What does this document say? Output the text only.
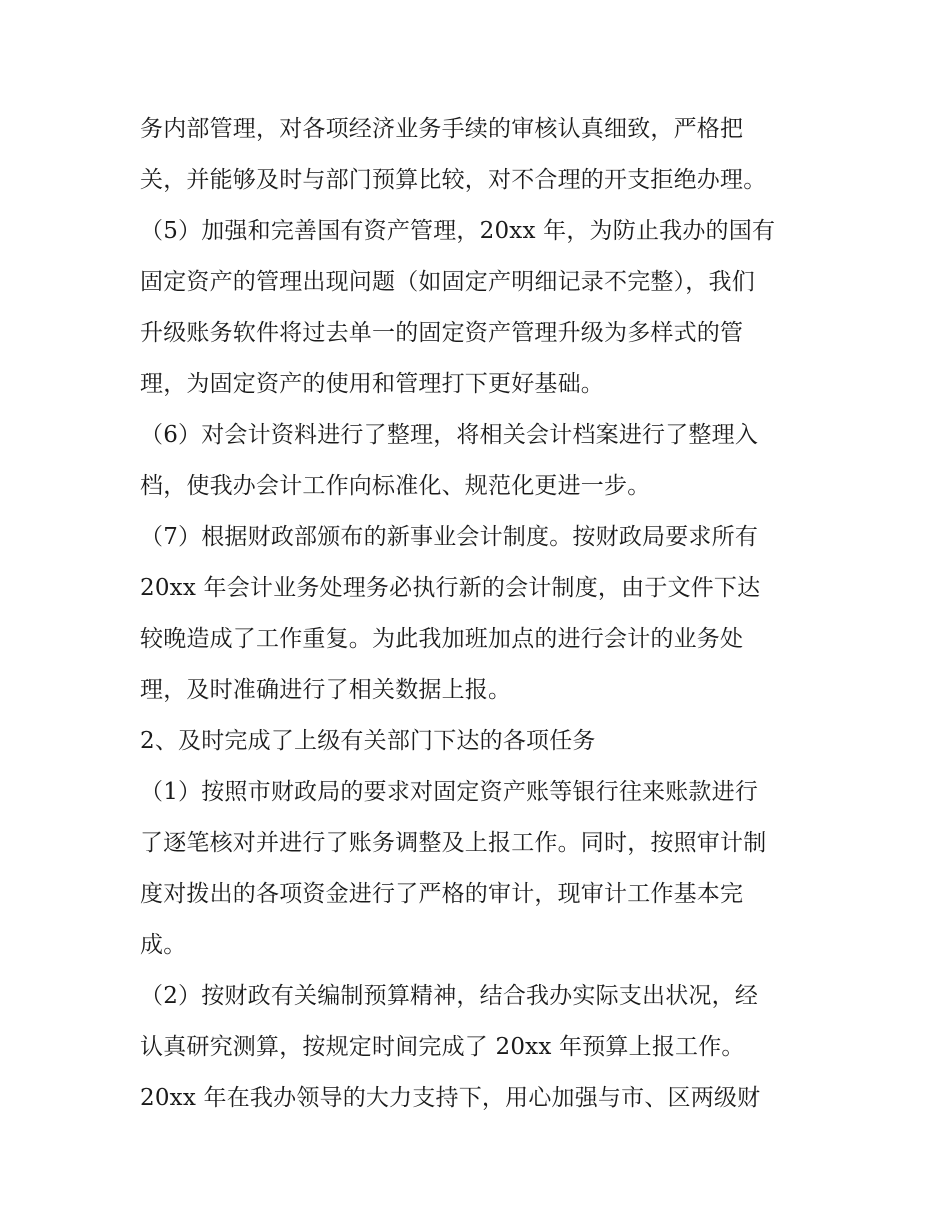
务内部管理，对各项经济业务手续的审核认真细致，严格把
关，并能够及时与部门预算比较，对不合理的开支拒绝办理。
（5）加强和完善国有资产管理，20xx 年，为防止我办的国有
固定资产的管理出现问题（如固定产明细记录不完整），我们
升级账务软件将过去单一的固定资产管理升级为多样式的管
理，为固定资产的使用和管理打下更好基础。
（6）对会计资料进行了整理，将相关会计档案进行了整理入
档，使我办会计工作向标准化、规范化更进一步。
（7）根据财政部颁布的新事业会计制度。按财政局要求所有
20xx 年会计业务处理务必执行新的会计制度，由于文件下达
较晚造成了工作重复。为此我加班加点的进行会计的业务处
理，及时准确进行了相关数据上报。
2、及时完成了上级有关部门下达的各项任务
（1）按照市财政局的要求对固定资产账等银行往来账款进行
了逐笔核对并进行了账务调整及上报工作。同时，按照审计制
度对拨出的各项资金进行了严格的审计，现审计工作基本完
成。
（2）按财政有关编制预算精神，结合我办实际支出状况，经
认真研究测算，按规定时间完成了 20xx 年预算上报工作。
20xx 年在我办领导的大力支持下，用心加强与市、区两级财
